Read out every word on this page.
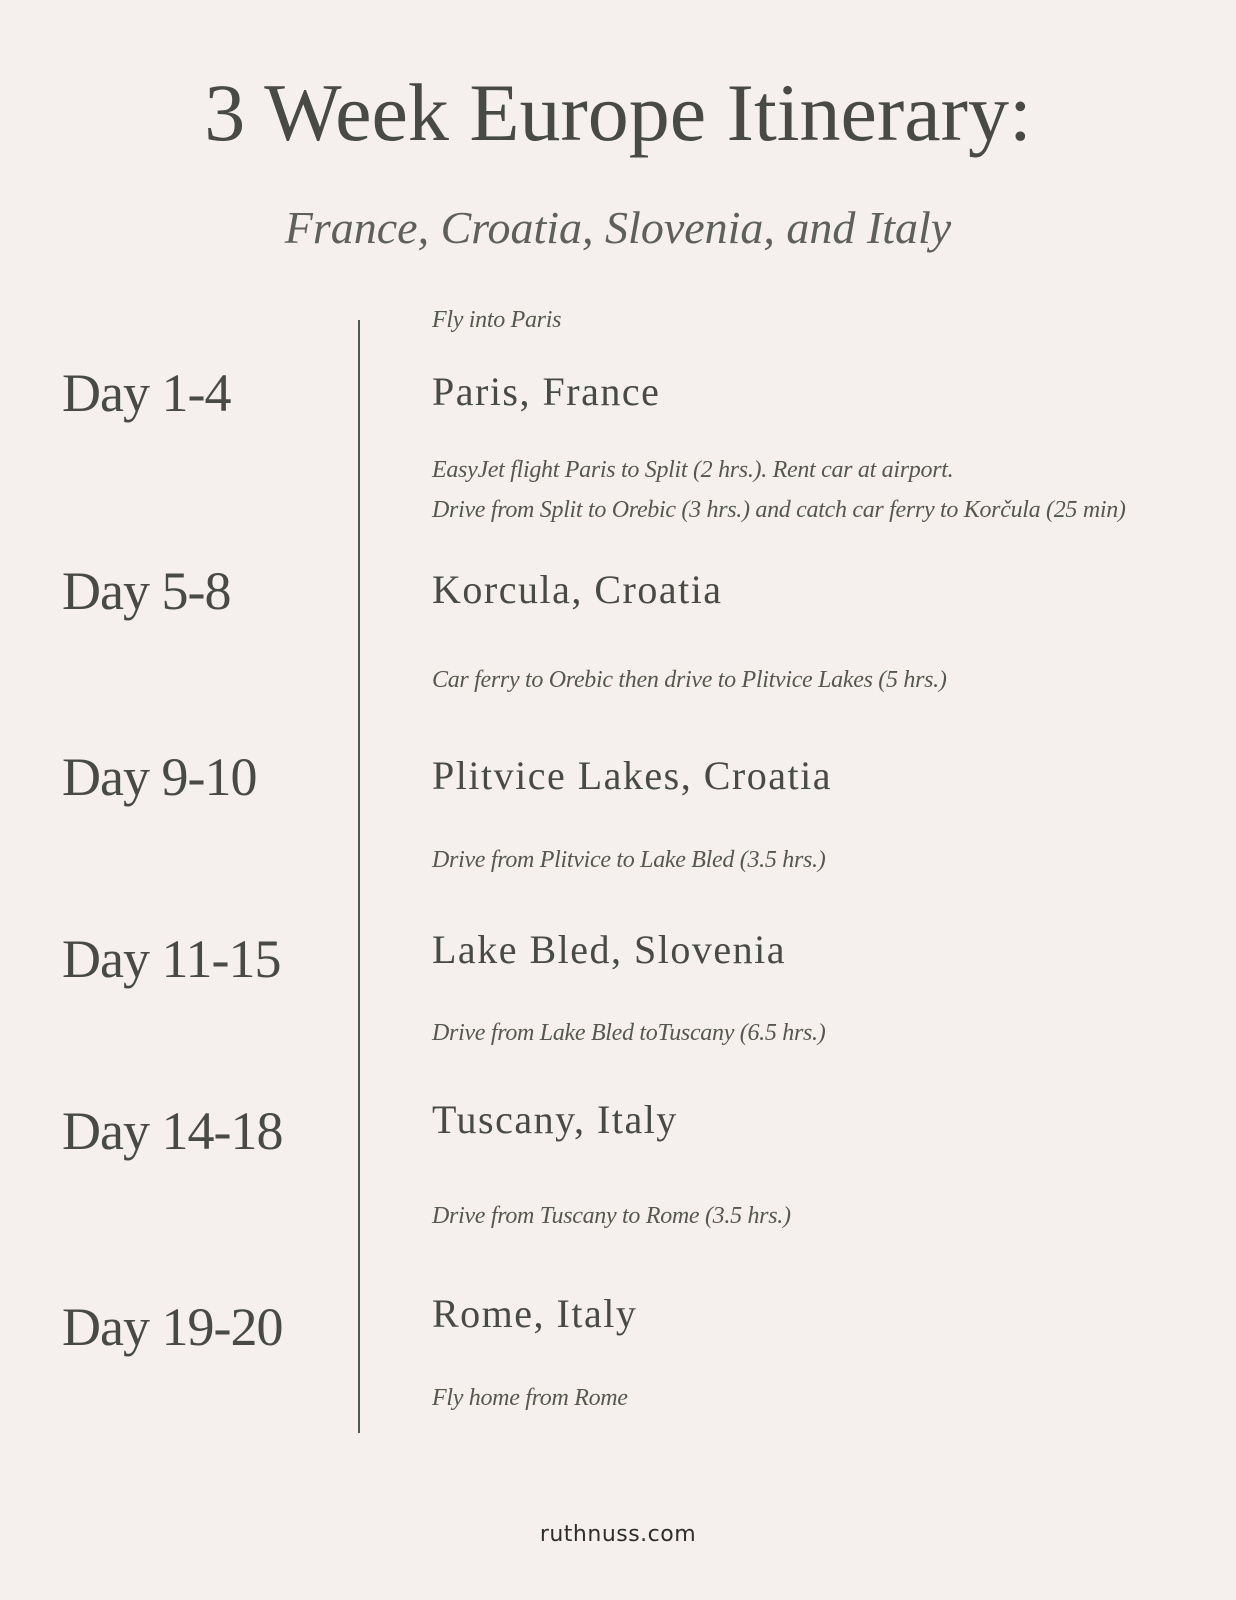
3 Week Europe Itinerary:
France, Croatia, Slovenia, and Italy
Fly into Paris
Day 1-4	Paris, France
EasyJet flight Paris to Split (2 hrs.). Rent car at airport.
Drive from Split to Orebic (3 hrs.) and catch car ferry to Korčula (25 min)
Day 5-8	Korcula, Croatia
Car ferry to Orebic then drive to Plitvice Lakes (5 hrs.)
Day 9-10	Plitvice Lakes, Croatia
Drive from Plitvice to Lake Bled (3.5 hrs.)
Day 11-15	Lake Bled, Slovenia
Drive from Lake Bled toTuscany (6.5 hrs.)
Day 14-18	Tuscany, Italy
Drive from Tuscany to Rome (3.5 hrs.)
Day 19-20	Rome, Italy
Fly home from Rome
ruthnuss.com
